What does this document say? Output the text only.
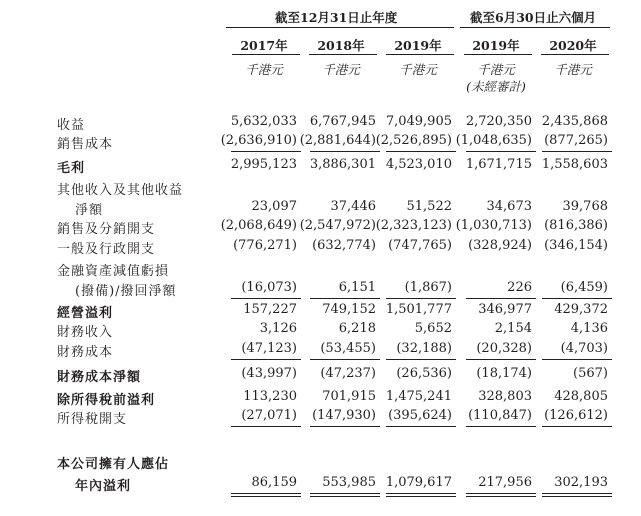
截至12月31日止年度	截至6月30日止六個月
2017年	2018年	2019年	2019年	2020年
千港元	千港元	千港元	千港元	千港元
(未經審計)
收益	5,632,033 6,767,945 7,049,905	2,720,350 2,435,868
銷售成本	(2,636,910) (2,881,644) (2,526,895) (1,048,635) (877,265)
毛利	2,995,123 3,886,301 4,523,010	1,671,715 1,558,603
其他收入及其他收益
淨額	23,097	37,446	51,522	34,673	39,768
銷售及分銷開支	(2,068,649) (2,547,972) (2,323,123) (1,030,713) (816,386)
一般及行政開支	(776,271)	(632,774) (747,765)	(328,924) (346,154)
金融資產減值虧損
(撥備)/撥回淨額	(16,073)	6,151	(1,867)	226	(6,459)
經營溢利	157,227	749,152 1,501,777	346,977	429,372
財務收入	3,126	6,218	5,652	2,154	4,136
財務成本	(47,123)	(53,455)	(32,188)	(20,328)	(4,703)
財務成本淨額	(43,997)	(47,237)	(26,536)	(18,174)	(567)
除所得稅前溢利	113,230	701,915 1,475,241	328,803	428,805
所得稅開支	(27,071)	(147,930) (395,624)	(110,847) (126,612)
本公司擁有人應佔
年內溢利	86,159	553,985 1,079,617	217,956	302,193
